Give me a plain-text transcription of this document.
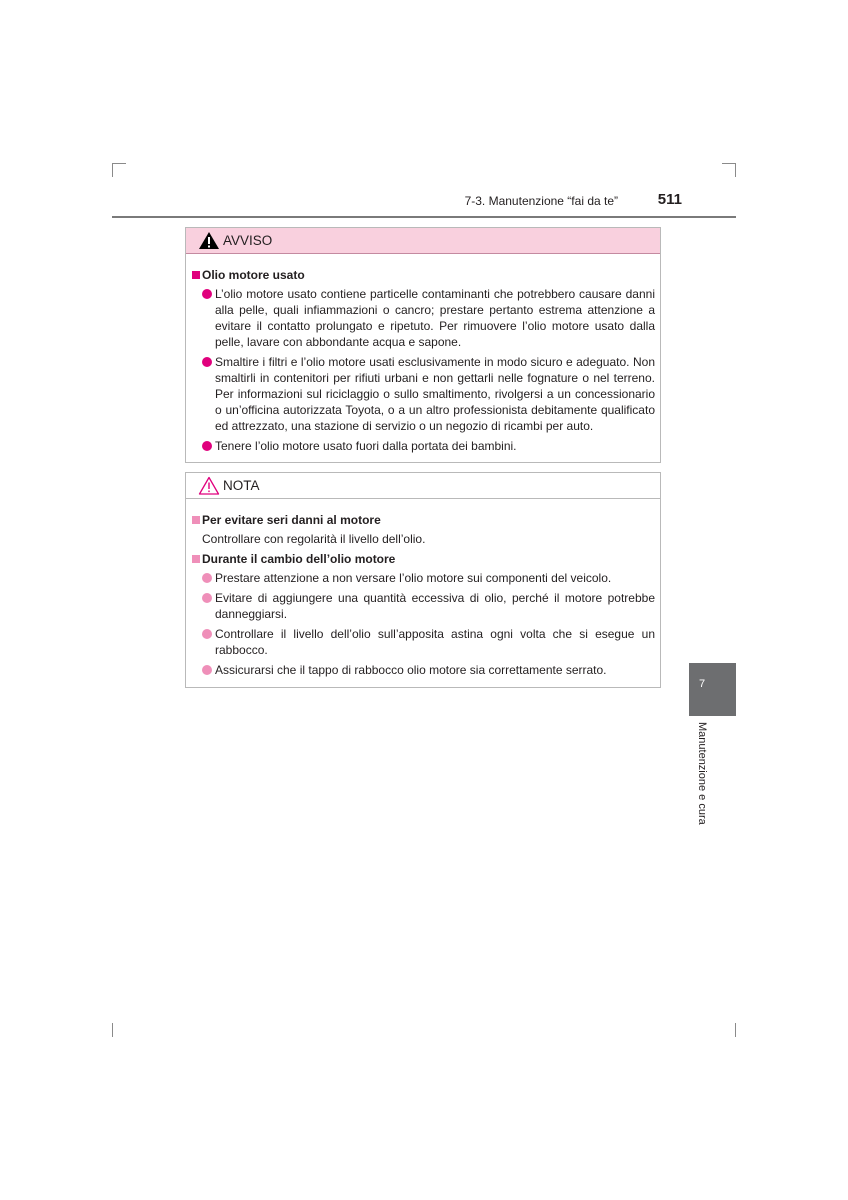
7-3. Manutenzione “fai da te”	511
AVVISO
Olio motore usato
L’olio motore usato contiene particelle contaminanti che potrebbero causare danni alla pelle, quali infiammazioni o cancro; prestare pertanto estrema attenzione a evitare il contatto prolungato e ripetuto. Per rimuovere l’olio motore usato dalla pelle, lavare con abbondante acqua e sapone.
Smaltire i filtri e l’olio motore usati esclusivamente in modo sicuro e adeguato. Non smaltirli in contenitori per rifiuti urbani e non gettarli nelle fognature o nel terreno. Per informazioni sul riciclaggio o sullo smaltimento, rivolgersi a un concessionario o un’officina autorizzata Toyota, o a un altro professionista debitamente qualificato ed attrezzato, una stazione di servizio o un negozio di ricambi per auto.
Tenere l’olio motore usato fuori dalla portata dei bambini.
NOTA
Per evitare seri danni al motore
Controllare con regolarità il livello dell’olio.
Durante il cambio dell’olio motore
Prestare attenzione a non versare l’olio motore sui componenti del veicolo.
Evitare di aggiungere una quantità eccessiva di olio, perché il motore potrebbe danneggiarsi.
Controllare il livello dell’olio sull’apposita astina ogni volta che si esegue un rabbocco.
Assicurarsi che il tappo di rabbocco olio motore sia correttamente serrato.
7
Manutenzione e cura
